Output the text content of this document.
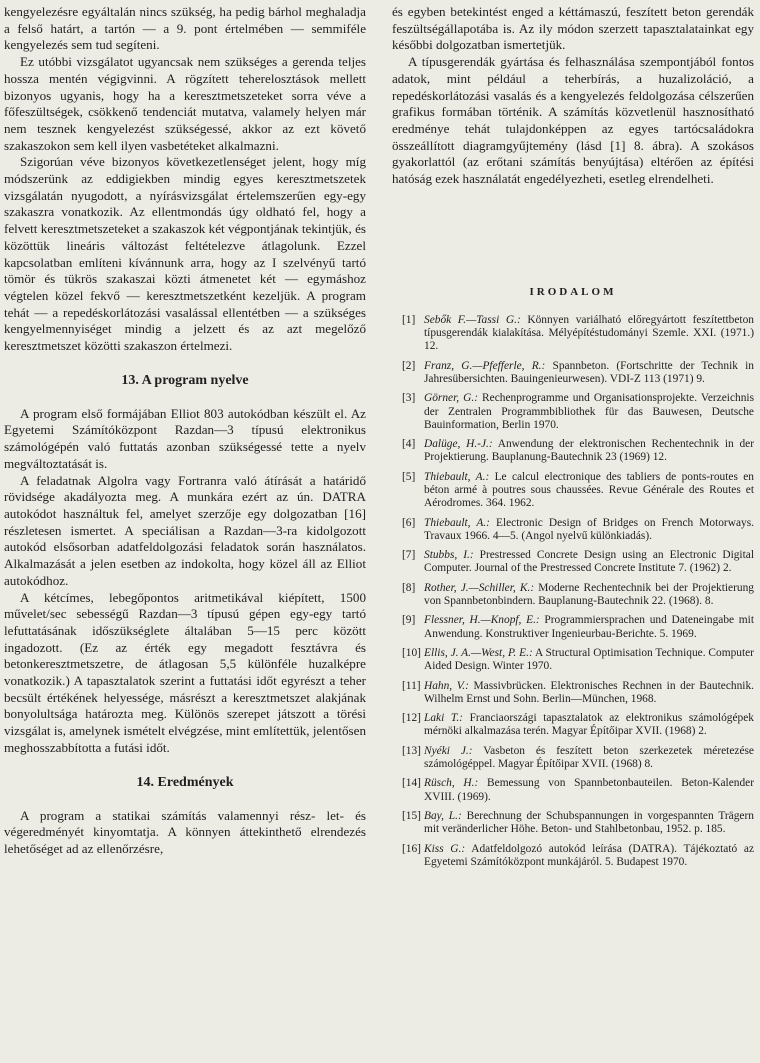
kengyelezésre egyáltalán nincs szükség, ha pedig bárhol meghaladja a felső határt, a tartón — a 9. pont értelmében — semmiféle kengyelezés sem tud segíteni.

Ez utóbbi vizsgálatot ugyancsak nem szükséges a gerenda teljes hossza mentén végigvinni. A rögzített teherelosztások mellett bizonyos ugyanis, hogy ha a keresztmetszeteket sorra véve a főfeszültségek, csökkenő tendenciát mutatva, valamely helyen már nem tesznek kengyelezést szükségessé, akkor az ezt követő szakaszokon sem kell ilyen vasbetéteket alkalmazni.

Szigorúan véve bizonyos következetlenséget jelent, hogy míg módszerünk az eddigiekben mindig egyes keresztmetszetek vizsgálatán nyugodott, a nyírásvizsgálat értelemszerűen egy-egy szakaszra vonatkozik. Az ellentmondás úgy oldható fel, hogy a felvett keresztmetszeteket a szakaszok két végpontjának tekintjük, és közöttük lineáris változást feltételezve átlagolunk. Ezzel kapcsolatban említeni kívánnunk arra, hogy az I szelvényű tartó tömör és tükrös szakaszai közti átmenetet két — egymáshoz végtelen közel fekvő — keresztmetszetként kezeljük. A program tehát — a repedéskorlátozási vasalással ellentétben — a szükséges kengyelmennyiséget mindig a jelzett és az azt megelőző keresztmetszet közötti szakaszon értelmezi.

13. A program nyelve

A program első formájában Elliot 803 autokódban készült el. Az Egyetemi Számítóközpont Razdan—3 típusú elektronikus számológépén való futtatás azonban szükségessé tette a nyelv megváltoztatását is.

A feladatnak Algolra vagy Fortranra való átírását a határidő rövidsége akadályozta meg. A munkára ezért az ún. DATRA autokódot használtuk fel, amelyet szerzője egy dolgozatban [16] részletesen ismertet. A speciálisan a Razdan—3-ra kidolgozott autokód elsősorban adatfeldolgozási feladatok során használatos. Alkalmazását a jelen esetben az indokolta, hogy közel áll az Elliot autokódhoz.

A kétcímes, lebegőpontos aritmetikával kiépített, 1500 művelet/sec sebességű Razdan—3 típusú gépen egy-egy tartó lefuttatásának időszükséglete általában 5—15 perc között ingadozott. (Ez az érték egy megadott fesztávra és betonkeresztmetszetre, de átlagosan 5,5 különféle huzalképre vonatkozik.) A tapasztalatok szerint a futtatási időt egyrészt a teher becsült értékének helyessége, másrészt a keresztmetszet alakjának bonyolultsága határozta meg. Különös szerepet játszott a törési vizsgálat is, amelynek ismételt elvégzése, mint említettük, jelentősen meghosszabbította a futási időt.

14. Eredmények

A program a statikai számítás valamennyi rész- let- és végeredményét kinyomtatja. A könnyen áttekinthető elrendezés lehetőséget ad az ellenőrzésre,

és egyben betekintést enged a kéttámaszú, feszített beton gerendák feszültségállapotába is. Az ily módon szerzett tapasztalatainkat egy későbbi dolgozatban ismertetjük.

A típusgerendák gyártása és felhasználása szempontjából fontos adatok, mint például a teherbírás, a huzalizoláció, a repedéskorlátozási vasalás és a kengyelezés feldolgozása célszerűen grafikus formában történik. A számítás közvetlenül hasznosítható eredménye tehát tulajdonképpen az egyes tartócsaládokra összeállított diagramgyűjtemény (lásd [1] 8. ábra). A szokásos gyakorlattól (az erőtani számítás benyújtása) eltérően az építési hatóság ezek használatát engedélyezheti, esetleg elrendelheti.

IRODALOM
[1] Sebők F.—Tassi G.: Könnyen variálható előregyártott feszítettbeton típusgerendák kialakítása. Mélyépítéstudományi Szemle. XXI. (1971.) 12.
[2] Franz, G.—Pfefferle, R.: Spannbeton. (Fortschritte der Technik in Jahresübersichten. Bauingenieurwesen). VDI-Z 113 (1971) 9.
[3] Görner, G.: Rechenprogramme und Organisationsprojekte. Verzeichnis der Zentralen Programmbibliothek für das Bauwesen, Deutsche Bauinformation, Berlin 1970.
[4] Dalüge, H.-J.: Anwendung der elektronischen Rechentechnik in der Projektierung. Bauplanung-Bautechnik 23 (1969) 12.
[5] Thiebault, A.: Le calcul electronique des tabliers de ponts-routes en béton armé à poutres sous chaussées. Revue Générale des Routes et Aérodromes. 364. 1962.
[6] Thiebault, A.: Electronic Design of Bridges on French Motorways. Travaux 1966. 4—5. (Angol nyelvű különkiadás).
[7] Stubbs, I.: Prestressed Concrete Design using an Electronic Digital Computer. Journal of the Prestressed Concrete Institute 7. (1962) 2.
[8] Rother, J.—Schiller, K.: Moderne Rechentechnik bei der Projektierung von Spannbetonbindern. Bauplanung-Bautechnik 22. (1968). 8.
[9] Flessner, H.—Knopf, E.: Programmiersprachen und Dateneingabe mit Anwendung. Konstruktiver Ingenieurbau-Berichte. 5. 1969.
[10] Ellis, J. A.—West, P. E.: A Structural Optimisation Technique. Computer Aided Design. Winter 1970.
[11] Hahn, V.: Massivbrücken. Elektronisches Rechnen in der Bautechnik. Wilhelm Ernst und Sohn. Berlin—München, 1968.
[12] Laki T.: Franciaországi tapasztalatok az elektronikus számológépek mérnöki alkalmazása terén. Magyar Építőipar XVII. (1968) 2.
[13] Nyéki J.: Vasbeton és feszített beton szerkezetek méretezése számológéppel. Magyar Építőipar XVII. (1968) 8.
[14] Rüsch, H.: Bemessung von Spannbetonbauteilen. Beton-Kalender XVIII. (1969).
[15] Bay, L.: Berechnung der Schubspannungen in vorgespannten Trägern mit veränderlicher Höhe. Beton- und Stahlbetonbau, 1952. p. 185.
[16] Kiss G.: Adatfeldolgozó autokód leírása (DATRA). Tájékoztató az Egyetemi Számítóközpont munkájáról. 5. Budapest 1970.
